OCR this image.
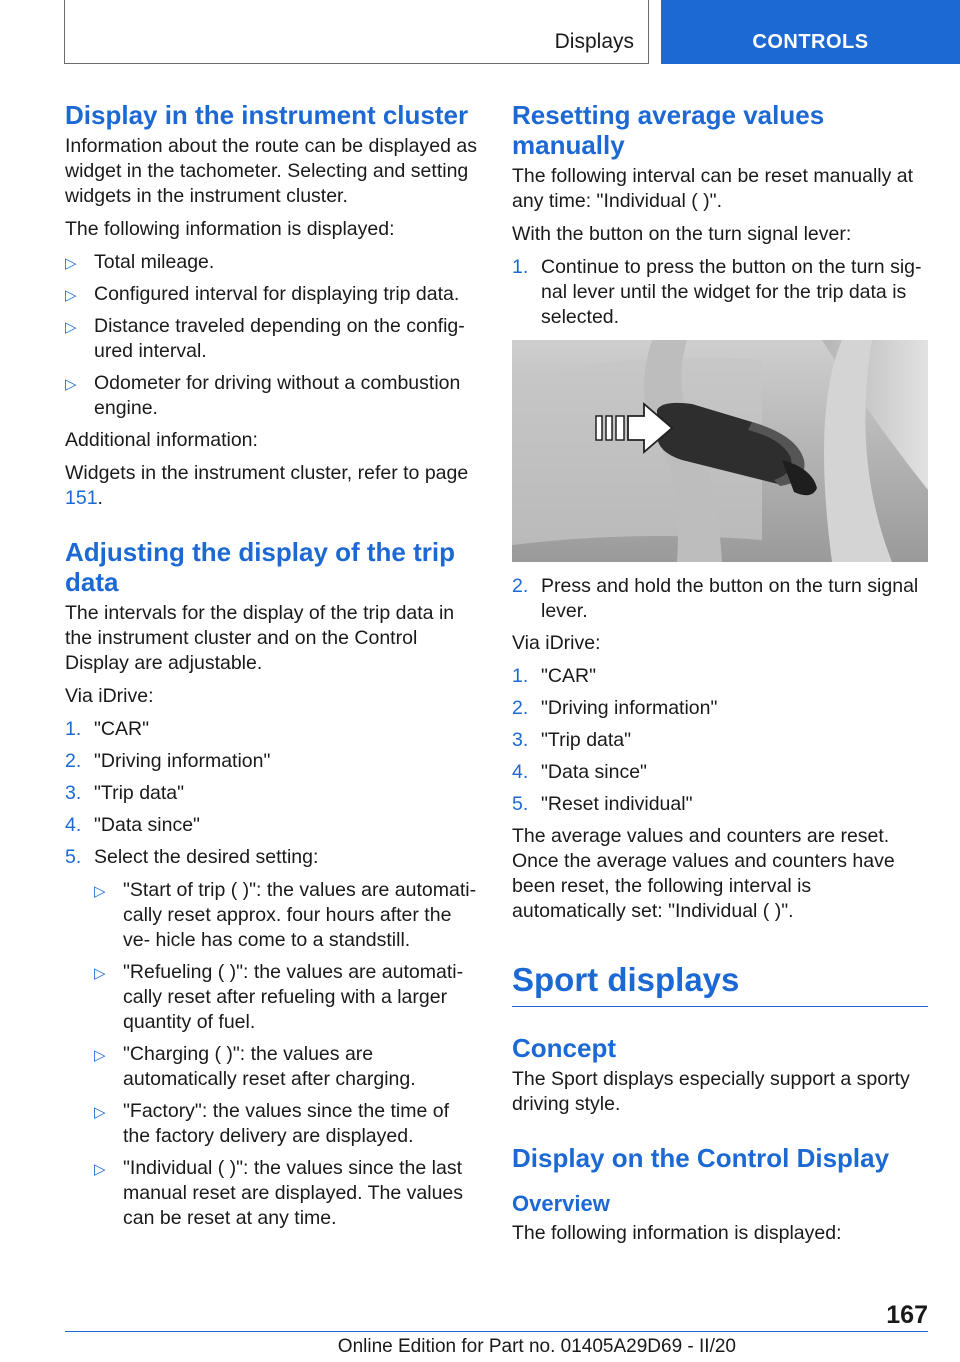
Displays	CONTROLS
Display in the instrument cluster

Information about the route can be displayed as widget in the tachometer. Selecting and setting widgets in the instrument cluster.

The following information is displayed:

▷ Total mileage.
▷ Configured interval for displaying trip data.
▷ Distance traveled depending on the config‐ ured interval.
▷ Odometer for driving without a combustion engine.

Additional information:

Widgets in the instrument cluster, refer to page 151.

Adjusting the display of the trip data

The intervals for the display of the trip data in the instrument cluster and on the Control Display are adjustable.

Via iDrive:

1. "CAR"
2. "Driving information"
3. "Trip data"
4. "Data since"
5. Select the desired setting:
▷ "Start of trip ( )": the values are automati‐ cally reset approx. four hours after the ve‐ hicle has come to a standstill.
▷ "Refueling ( )": the values are automati‐ cally reset after refueling with a larger quantity of fuel.
▷ "Charging ( )": the values are automatically reset after charging.
▷ "Factory": the values since the time of the factory delivery are displayed.
▷ "Individual ( )": the values since the last manual reset are displayed. The values can be reset at any time.
Resetting average values manually

The following interval can be reset manually at any time: "Individual ( )".

With the button on the turn signal lever:

1. Continue to press the button on the turn sig‐ nal lever until the widget for the trip data is selected.
2. Press and hold the button on the turn signal lever.

Via iDrive:

1. "CAR"
2. "Driving information"
3. "Trip data"
4. "Data since"
5. "Reset individual"

The average values and counters are reset. Once the average values and counters have been reset, the following interval is automatically set: "Individual ( )".

Sport displays
Concept

The Sport displays especially support a sporty driving style.

Display on the Control Display
Overview

The following information is displayed:

167
Online Edition for Part no. 01405A29D69 - II/20
